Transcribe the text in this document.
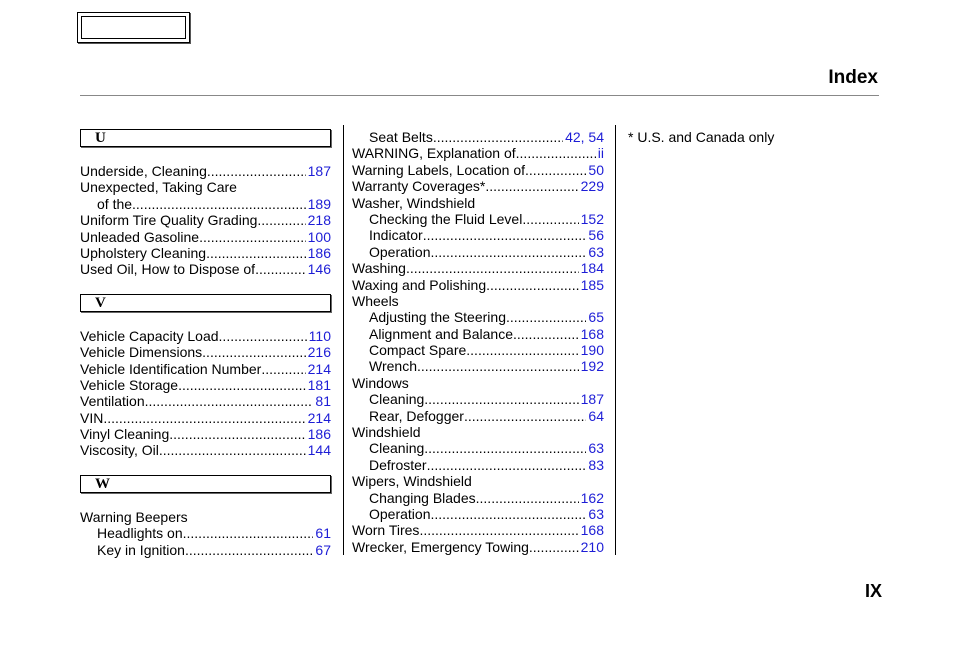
Index
U
Underside, Cleaning .....	187
Unexpected, Taking Care
of the .....	189
Uniform Tire Quality Grading .....	218
Unleaded Gasoline .....	100
Upholstery Cleaning .....	186
Used Oil, How to Dispose of .....	146
V
Vehicle Capacity Load .....	110
Vehicle Dimensions .....	216
Vehicle Identification Number .....	214
Vehicle Storage .....	181
Ventilation .....	81
VIN .....	214
Vinyl Cleaning .....	186
Viscosity, Oil .....	144
W
Warning Beepers
Headlights on .....	61
Key in Ignition .....	67
Seat Belts .....	42, 54
WARNING, Explanation of .....	ii
Warning Labels, Location of .....	50
Warranty Coverages* .....	229
Washer, Windshield
Checking the Fluid Level .....	152
Indicator .....	56
Operation .....	63
Washing .....	184
Waxing and Polishing .....	185
Wheels
Adjusting the Steering .....	65
Alignment and Balance .....	168
Compact Spare .....	190
Wrench .....	192
Windows
Cleaning .....	187
Rear, Defogger .....	64
Windshield
Cleaning .....	63
Defroster .....	83
Wipers, Windshield
Changing Blades .....	162
Operation .....	63
Worn Tires .....	168
Wrecker, Emergency Towing .....	210
* U.S. and Canada only
IX
